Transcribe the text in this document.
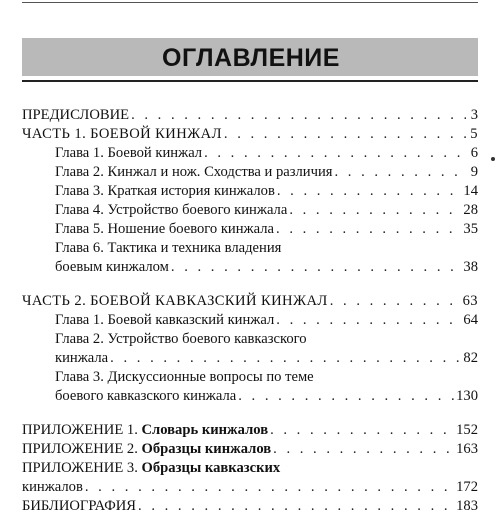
ОГЛАВЛЕНИЕ
ПРЕДИСЛОВИЕ . . .	3
ЧАСТЬ 1. БОЕВОЙ КИНЖАЛ . . .	5
Глава 1. Боевой кинжал . . .	6
Глава 2. Кинжал и нож. Сходства и различия . . .	9
Глава 3. Краткая история кинжалов . . .	14
Глава 4. Устройство боевого кинжала . . .	28
Глава 5. Ношение боевого кинжала . . .	35
Глава 6. Тактика и техника владения
боевым кинжалом . . .	38
ЧАСТЬ 2. БОЕВОЙ КАВКАЗСКИЙ КИНЖАЛ . . .	63
Глава 1. Боевой кавказский кинжал . . .	64
Глава 2. Устройство боевого кавказского
кинжала . . .	82
Глава 3. Дискуссионные вопросы по теме
боевого кавказского кинжала . . .	130
ПРИЛОЖЕНИЕ 1. Словарь кинжалов . . .	152
ПРИЛОЖЕНИЕ 2. Образцы кинжалов . . .	163
ПРИЛОЖЕНИЕ 3. Образцы кавказских
кинжалов . . .	172
БИБЛИОГРАФИЯ . . .	183
